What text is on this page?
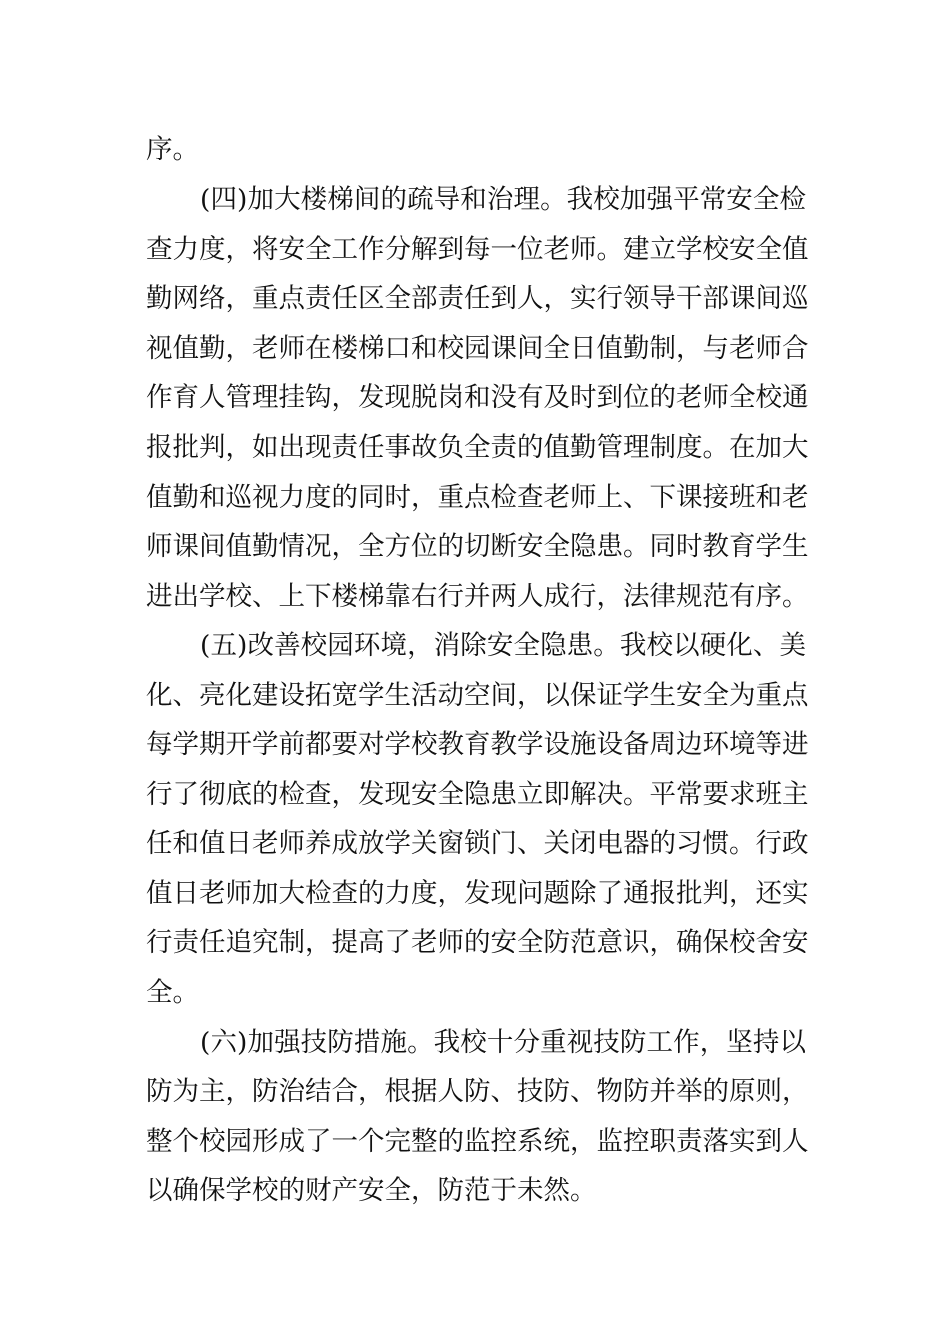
序。
(四)加大楼梯间的疏导和治理。我校加强平常安全检
查力度，将安全工作分解到每一位老师。建立学校安全值
勤网络，重点责任区全部责任到人，实行领导干部课间巡
视值勤，老师在楼梯口和校园课间全日值勤制，与老师合
作育人管理挂钩，发现脱岗和没有及时到位的老师全校通
报批判，如出现责任事故负全责的值勤管理制度。在加大
值勤和巡视力度的同时，重点检查老师上、下课接班和老
师课间值勤情况，全方位的切断安全隐患。同时教育学生
进出学校、上下楼梯靠右行并两人成行，法律规范有序。
(五)改善校园环境，消除安全隐患。我校以硬化、美
化、亮化建设拓宽学生活动空间，以保证学生安全为重点
每学期开学前都要对学校教育教学设施设备周边环境等进
行了彻底的检查，发现安全隐患立即解决。平常要求班主
任和值日老师养成放学关窗锁门、关闭电器的习惯。行政
值日老师加大检查的力度，发现问题除了通报批判，还实
行责任追究制，提高了老师的安全防范意识，确保校舍安
全。
(六)加强技防措施。我校十分重视技防工作，坚持以
防为主，防治结合，根据人防、技防、物防并举的原则，
整个校园形成了一个完整的监控系统，监控职责落实到人
以确保学校的财产安全，防范于未然。
